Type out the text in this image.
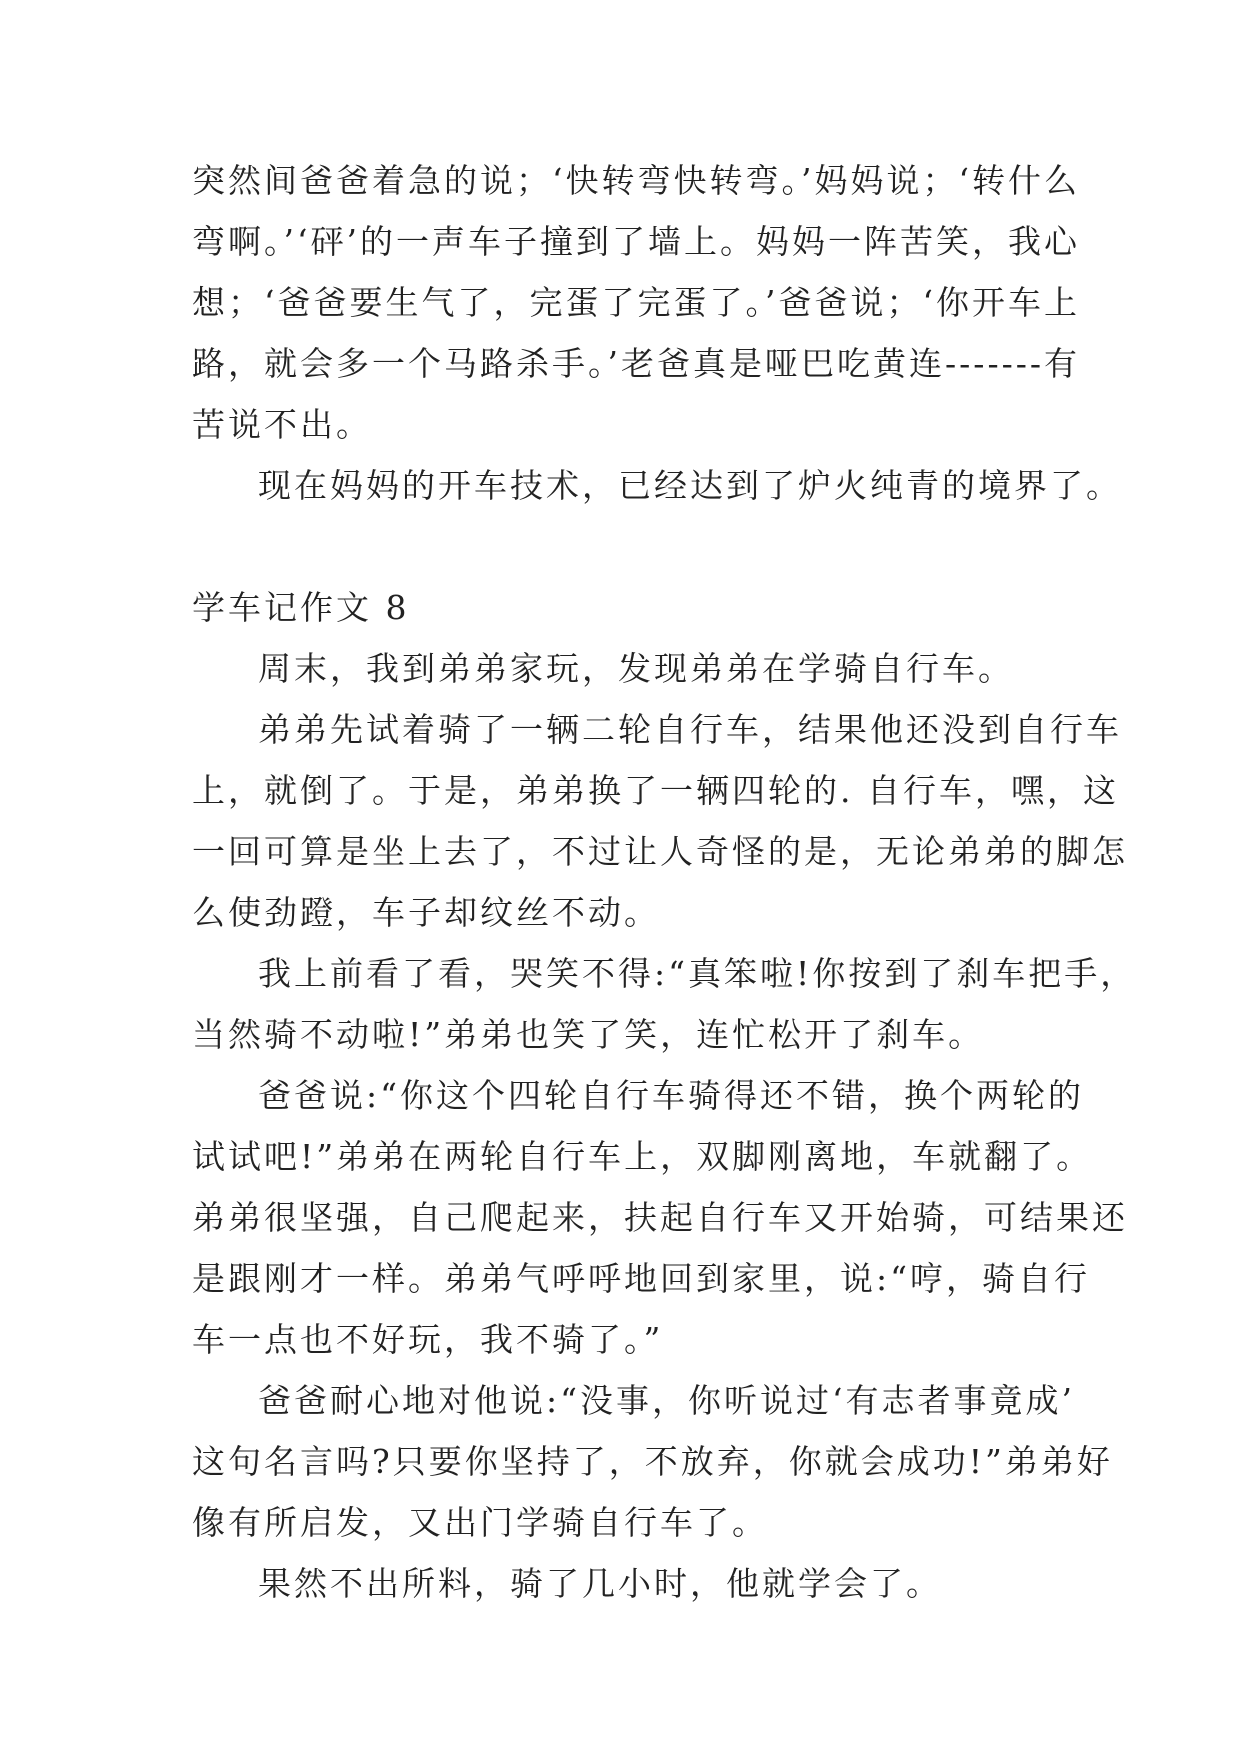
突然间爸爸着急的说；‘快转弯快转弯。’妈妈说；‘转什么
弯啊。’‘砰’的一声车子撞到了墙上。妈妈一阵苦笑，我心
想；‘爸爸要生气了，完蛋了完蛋了。’爸爸说；‘你开车上
路，就会多一个马路杀手。’老爸真是哑巴吃黄连-------有
苦说不出。
现在妈妈的开车技术，已经达到了炉火纯青的境界了。
学车记作文 8
周末，我到弟弟家玩，发现弟弟在学骑自行车。
弟弟先试着骑了一辆二轮自行车，结果他还没到自行车
上，就倒了。于是，弟弟换了一辆四轮的. 自行车，嘿，这
一回可算是坐上去了，不过让人奇怪的是，无论弟弟的脚怎
么使劲蹬，车子却纹丝不动。
我上前看了看，哭笑不得:“真笨啦!你按到了刹车把手，
当然骑不动啦!”弟弟也笑了笑，连忙松开了刹车。
爸爸说:“你这个四轮自行车骑得还不错，换个两轮的
试试吧!”弟弟在两轮自行车上，双脚刚离地，车就翻了。
弟弟很坚强，自己爬起来，扶起自行车又开始骑，可结果还
是跟刚才一样。弟弟气呼呼地回到家里，说:“哼，骑自行
车一点也不好玩，我不骑了。”
爸爸耐心地对他说:“没事，你听说过‘有志者事竟成’
这句名言吗?只要你坚持了，不放弃，你就会成功!”弟弟好
像有所启发，又出门学骑自行车了。
果然不出所料，骑了几小时，他就学会了。
